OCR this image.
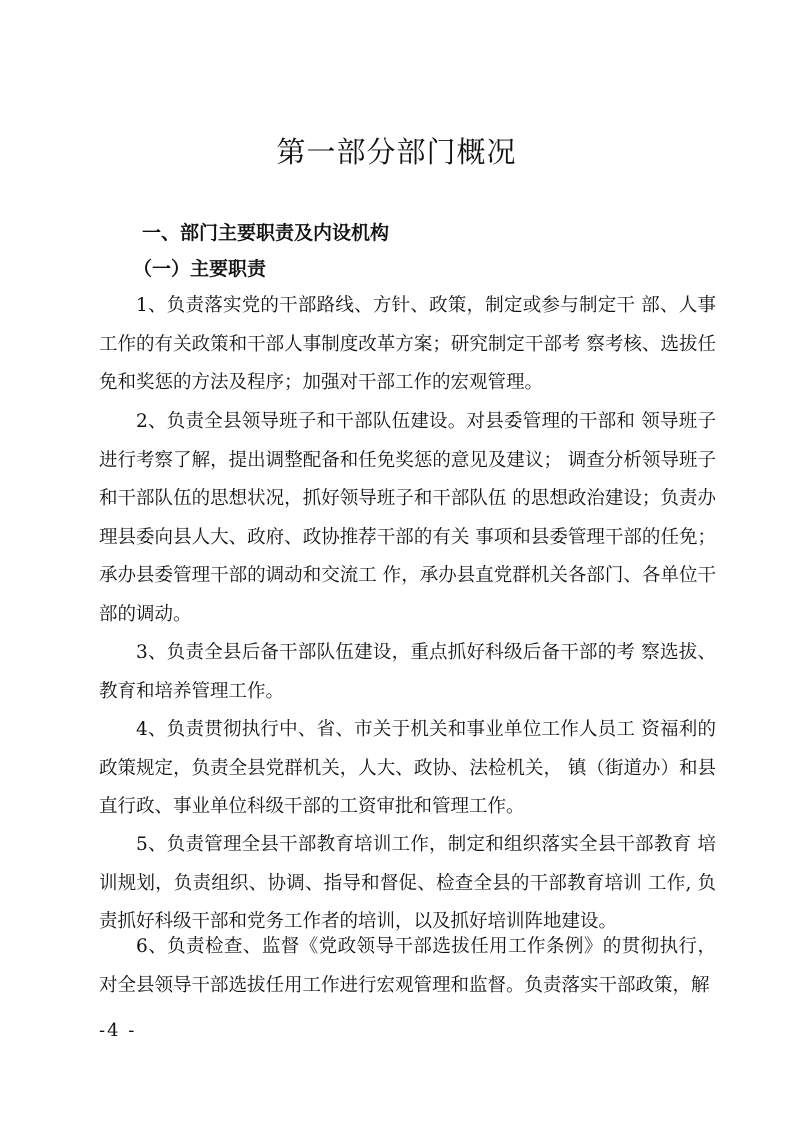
第一部分部门概况
一、部门主要职责及内设机构
（一）主要职责

1、负责落实党的干部路线、方针、政策，制定或参与制定干 部、人事工作的有关政策和干部人事制度改革方案；研究制定干部考 察考核、选拔任免和奖惩的方法及程序；加强对干部工作的宏观管理。

2、负责全县领导班子和干部队伍建设。对县委管理的干部和 领导班子进行考察了解，提出调整配备和任免奖惩的意见及建议； 调查分析领导班子和干部队伍的思想状况，抓好领导班子和干部队伍 的思想政治建设；负责办理县委向县人大、政府、政协推荐干部的有关 事项和县委管理干部的任免；承办县委管理干部的调动和交流工 作，承办县直党群机关各部门、各单位干部的调动。

3、负责全县后备干部队伍建设，重点抓好科级后备干部的考 察选拔、教育和培养管理工作。

4、负责贯彻执行中、省、市关于机关和事业单位工作人员工 资福利的政策规定，负责全县党群机关，人大、政协、法检机关， 镇（街道办）和县直行政、事业单位科级干部的工资审批和管理工作。

5、负责管理全县干部教育培训工作，制定和组织落实全县干部教育 培训规划，负责组织、协调、指导和督促、检查全县的干部教育培训 工作, 负责抓好科级干部和党务工作者的培训，以及抓好培训阵地建设。

6、负责检查、监督《党政领导干部选拔任用工作条例》的贯彻执行，对全县领导干部选拔任用工作进行宏观管理和监督。负责落实干部政策，解

-4 -
